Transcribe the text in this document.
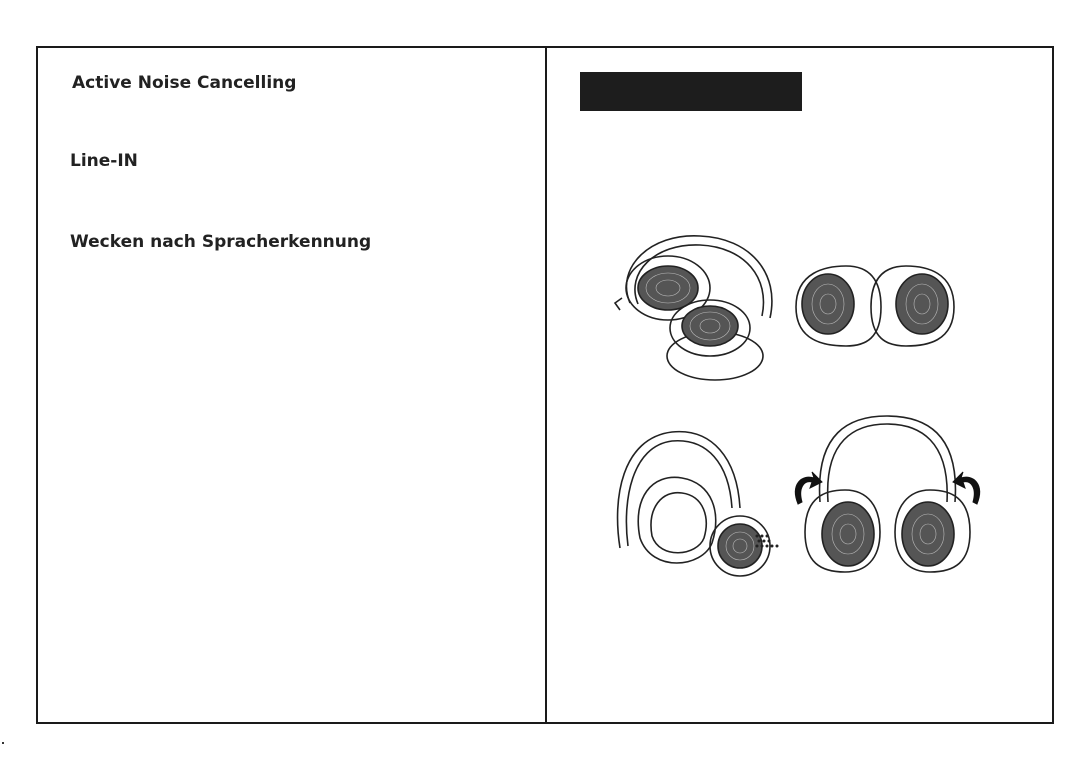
Active Noise Cancelling
Line-IN
Wecken nach Spracherkennung
